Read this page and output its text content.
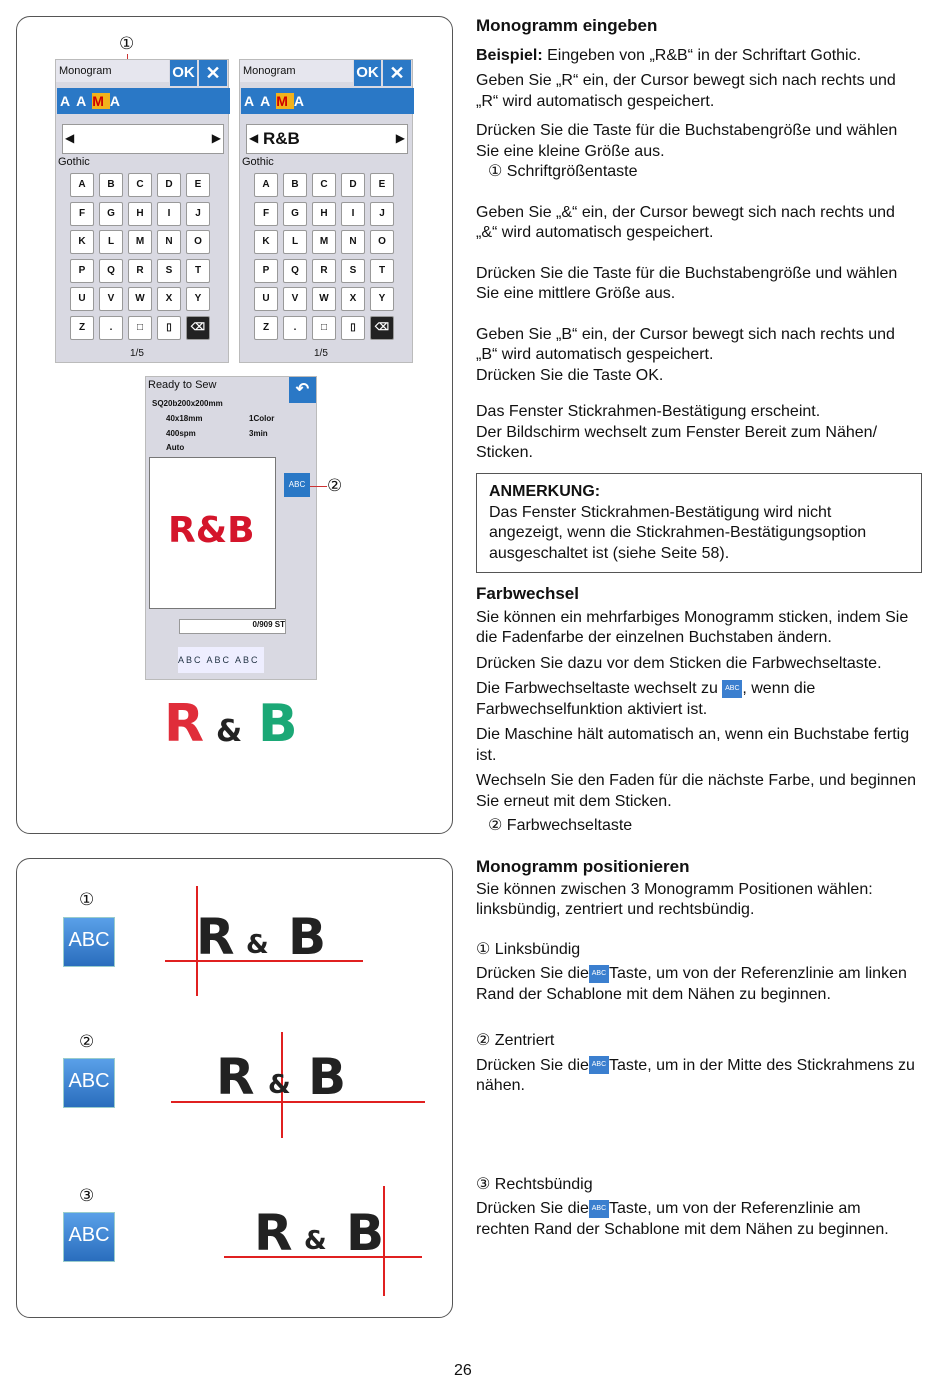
①
Monogram	OK ✕
AAMA
◀	▶
Gothic
A	B	C	D	E
F	G	H	I	J
K	L	M	N	O
P	Q	R	S	T
U	V	W	X	Y
Z	.	□	▯	⌫
1/5
Monogram	OK ✕
AAMA
R&B
◀	▶
Gothic
A	B	C	D	E
F	G	H	I	J
K	L	M	N	O
P	Q	R	S	T
U	V	W	X	Y
Z	.	□	▯	⌫
1/5
Ready to Sew	↶
SQ20b200x200mm
40x18mm	1Color
400spm	3min
Auto
R&B
ABC
0/909 ST
ABC ABC ABC
②
R & B
①
ABC R & B
②
ABC R & B
③
ABC	R & B

Monogramm eingeben

Beispiel: Eingeben von „R&B“ in der Schriftart Gothic.

Geben Sie „R“ ein, der Cursor bewegt sich nach rechts und „R“ wird automatisch gespeichert.

Drücken Sie die Taste für die Buchstabengröße und wählen Sie eine kleine Größe aus.

① Schriftgrößentaste

Geben Sie „&“ ein, der Cursor bewegt sich nach rechts und „&“ wird automatisch gespeichert.

Drücken Sie die Taste für die Buchstabengröße und wählen Sie eine mittlere Größe aus.

Geben Sie „B“ ein, der Cursor bewegt sich nach rechts und „B“ wird automatisch gespeichert.

Drücken Sie die Taste OK.

Das Fenster Stickrahmen-Bestätigung erscheint.

Der Bildschirm wechselt zum Fenster Bereit zum Nähen/ Sticken.

ANMERKUNG:
Das Fenster Stickrahmen-Bestätigung wird nicht angezeigt, wenn die Stickrahmen-Bestätigungsoption ausgeschaltet ist (siehe Seite 58).

Farbwechsel

Sie können ein mehrfarbiges Monogramm sticken, indem Sie die Fadenfarbe der einzelnen Buchstaben ändern.

Drücken Sie dazu vor dem Sticken die Farbwechseltaste.

Die Farbwechseltaste wechselt zu ABC , wenn die Farbwechselfunktion aktiviert ist.

Die Maschine hält automatisch an, wenn ein Buchstabe fertig ist.

Wechseln Sie den Faden für die nächste Farbe, und beginnen Sie erneut mit dem Sticken.

② Farbwechseltaste

Monogramm positionieren

Sie können zwischen 3 Monogramm Positionen wählen: linksbündig, zentriert und rechtsbündig.

① Linksbündig

Drücken Sie die ABC Taste, um von der Referenzlinie am linken Rand der Schablone mit dem Nähen zu beginnen.

② Zentriert

Drücken Sie die ABC Taste, um in der Mitte des Stickrahmens zu nähen.

③ Rechtsbündig

Drücken Sie die ABC Taste, um von der Referenzlinie am rechten Rand der Schablone mit dem Nähen zu beginnen.

26
